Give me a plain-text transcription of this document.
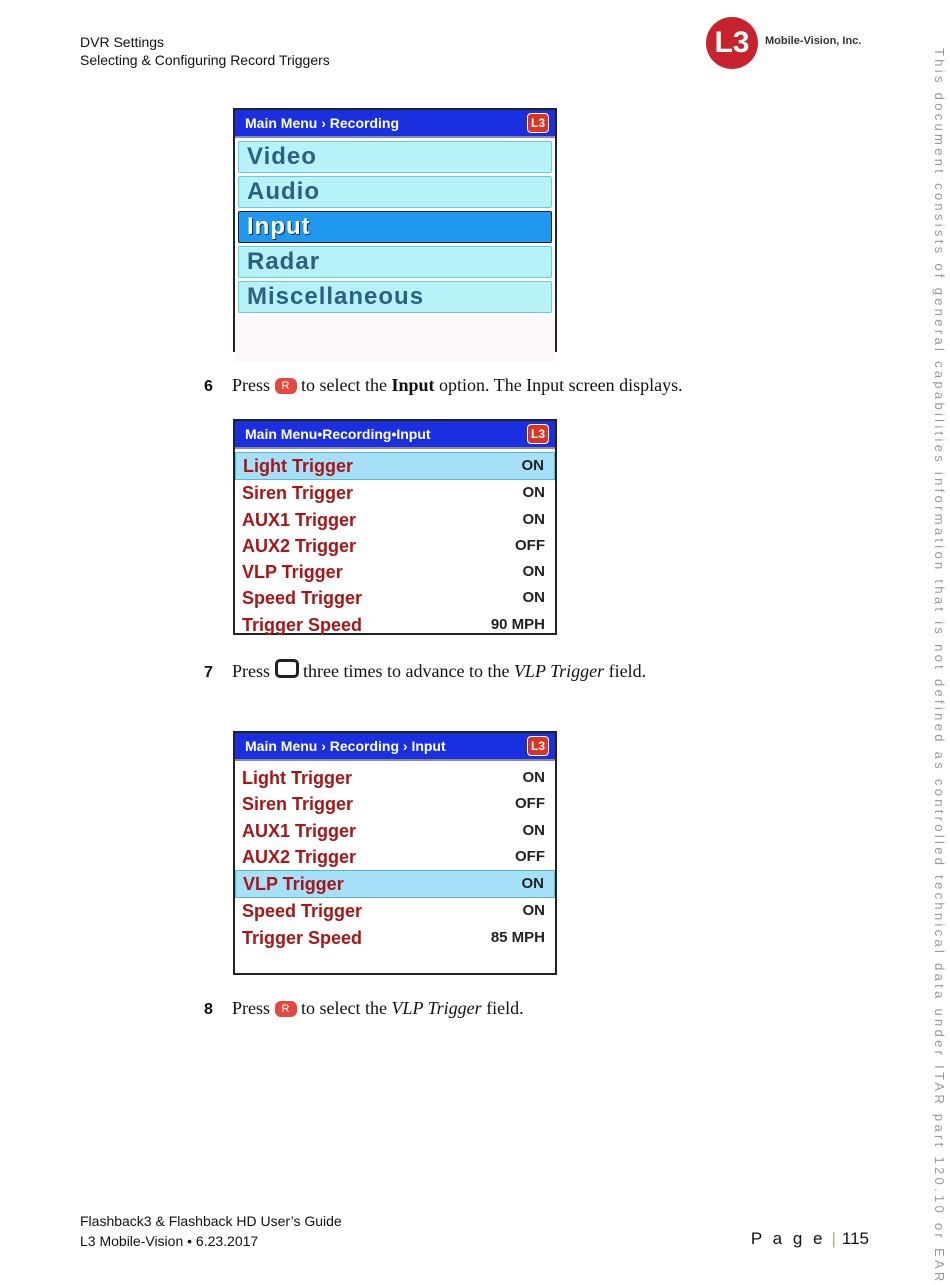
DVR Settings
Selecting & Configuring Record Triggers
L3	Mobile-Vision, Inc.
This document consists of general capabilities information that is not defined as controlled technical data under ITAR part 120.10 or EAR
Main Menu › Recording	L3
Video
Audio
Input
Radar
Miscellaneous
6 Press R to select the Input option. The Input screen displays.
Main Menu•Recording•Input	L3
Light Trigger	ON
Siren Trigger	ON
AUX1 Trigger	ON
AUX2 Trigger	OFF
VLP Trigger	ON
Speed Trigger	ON
Trigger Speed	90 MPH
7 Press three times to advance to the VLP Trigger field.
Main Menu › Recording › Input	L3
Light Trigger	ON
Siren Trigger	OFF
AUX1 Trigger	ON
AUX2 Trigger	OFF
VLP Trigger	ON
Speed Trigger	ON
Trigger Speed	85 MPH
8 Press R to select the VLP Trigger field.
Flashback3 & Flashback HD User’s Guide
L3 Mobile-Vision • 6.23.2017	P a g e | 115
